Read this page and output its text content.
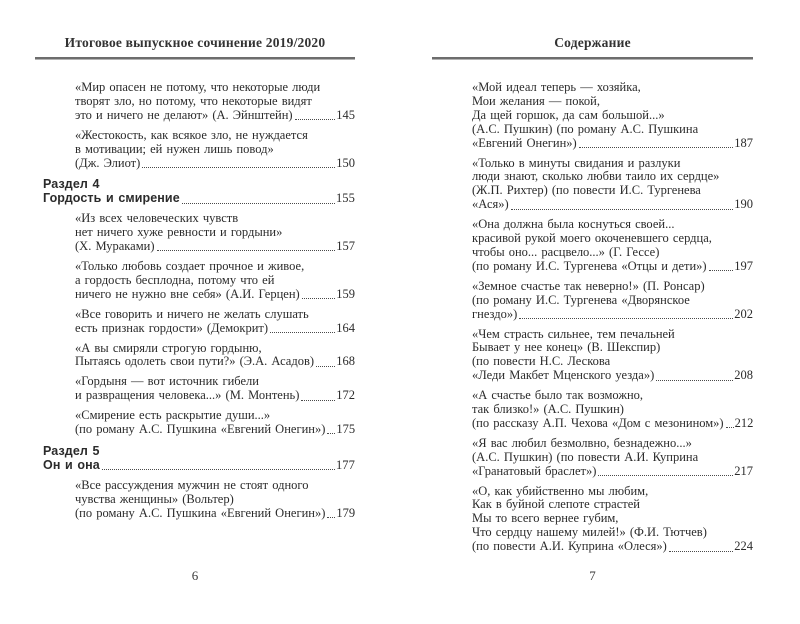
Итоговое выпускное сочинение 2019/2020
«Мир опасен не потому, что некоторые люди
творят зло, но потому, что некоторые видят
это и ничего не делают» (А. Эйнштейн)	145
«Жестокость, как всякое зло, не нуждается
в мотивации; ей нужен лишь повод»
(Дж. Элиот)	150
Раздел 4
Гордость и смирение	155
«Из всех человеческих чувств
нет ничего хуже ревности и гордыни»
(Х. Мураками)	157
«Только любовь создает прочное и живое,
а гордость бесплодна, потому что ей
ничего не нужно вне себя» (А.И. Герцен)	159
«Все говорить и ничего не желать слушать
есть признак гордости» (Демокрит)	164
«А вы смиряли строгую гордыню,
Пытаясь одолеть свои пути?» (Э.А. Асадов) 168
«Гордыня — вот источник гибели
и развращения человека...» (М. Монтень)	172
«Смирение есть раскрытие души...»
(по роману А.С. Пушкина «Евгений Онегин») 175
Раздел 5
Он и она	177
«Все рассуждения мужчин не стоят одного
чувства женщины» (Вольтер)
(по роману А.С. Пушкина «Евгений Онегин») 179
6
Содержание
«Мой идеал теперь — хозяйка,
Мои желания — покой,
Да щей горшок, да сам большой...»
(А.С. Пушкин) (по роману А.С. Пушкина
«Евгений Онегин»)	187
«Только в минуты свидания и разлуки
люди знают, сколько любви таило их сердце»
(Ж.П. Рихтер) (по повести И.С. Тургенева
«Ася»)	190
«Она должна была коснуться своей...
красивой рукой моего окоченевшего сердца,
чтобы оно... расцвело...» (Г. Гессе)
(по роману И.С. Тургенева «Отцы и дети») 197
«Земное счастье так неверно!» (П. Ронсар)
(по роману И.С. Тургенева «Дворянское
гнездо»)	202
«Чем страсть сильнее, тем печальней
Бывает у нее конец» (В. Шекспир)
(по повести Н.С. Лескова
«Леди Макбет Мценского уезда»)	208
«А счастье было так возможно,
так близко!» (А.С. Пушкин)
(по рассказу А.П. Чехова «Дом с мезонином») 212
«Я вас любил безмолвно, безнадежно...»
(А.С. Пушкин) (по повести А.И. Куприна
«Гранатовый браслет»)	217
«О, как убийственно мы любим,
Как в буйной слепоте страстей
Мы то всего вернее губим,
Что сердцу нашему милей!» (Ф.И. Тютчев)
(по повести А.И. Куприна «Олеся»)	224
7
